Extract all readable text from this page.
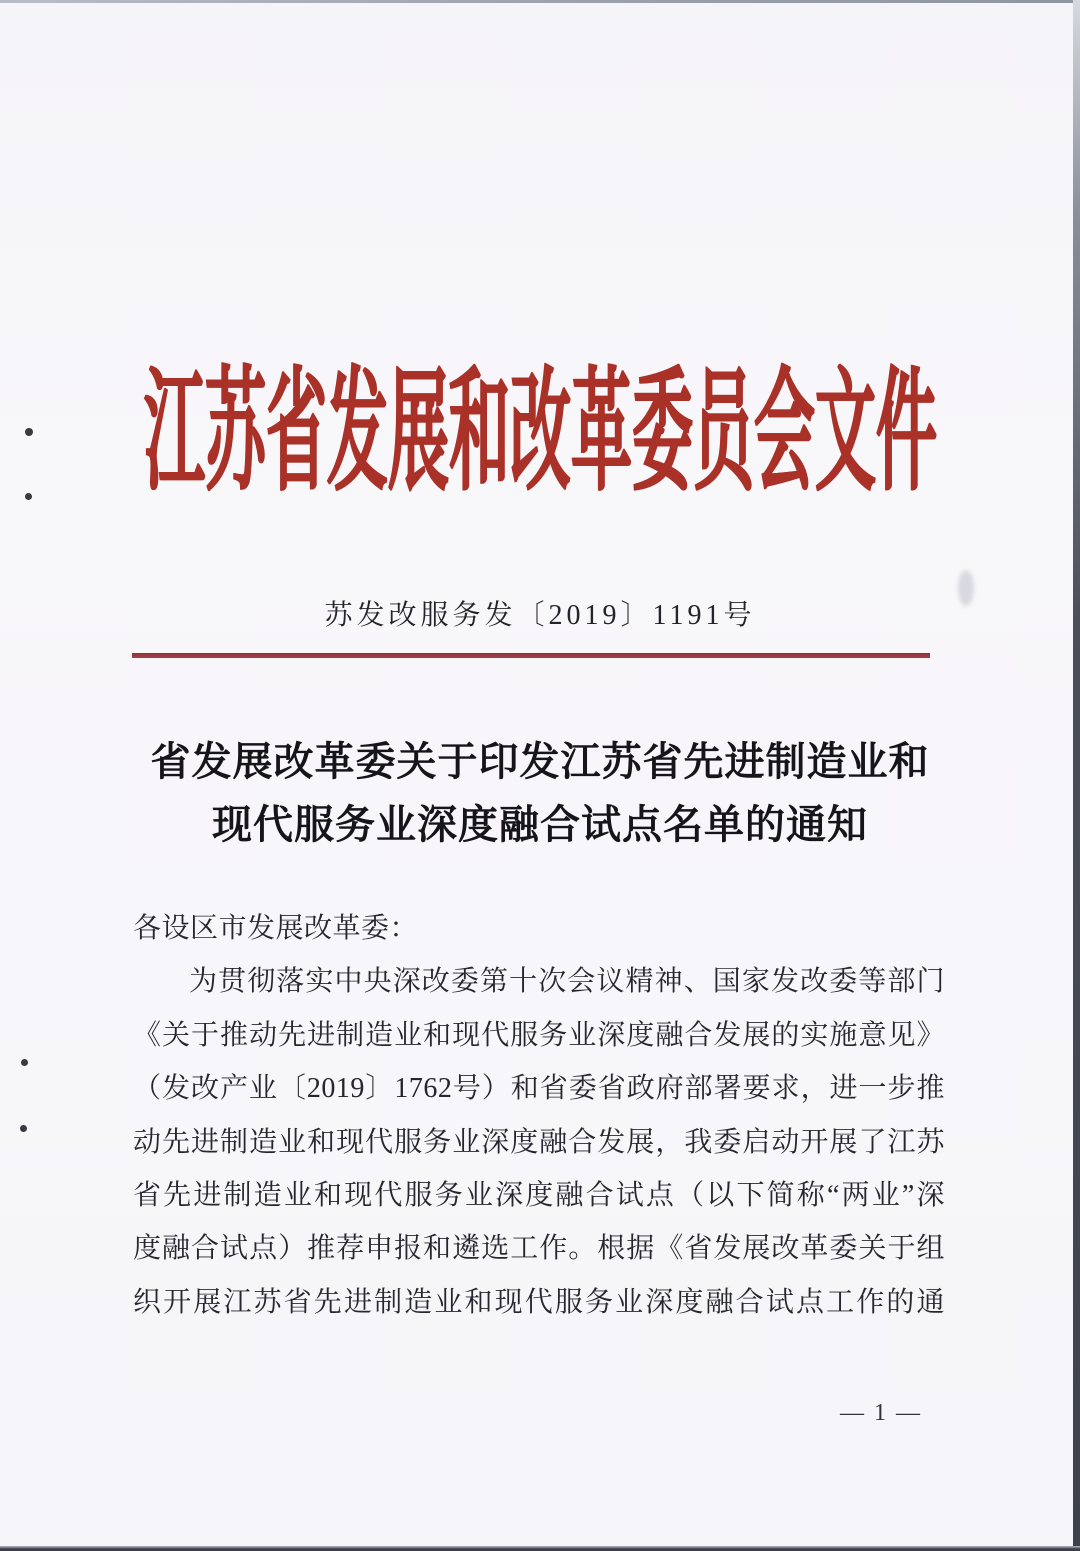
江苏省发展和改革委员会文件
苏发改服务发〔2019〕1191号
省发展改革委关于印发江苏省先进制造业和
现代服务业深度融合试点名单的通知
各设区市发展改革委：
为贯彻落实中央深改委第十次会议精神、国家发改委等部门
《关于推动先进制造业和现代服务业深度融合发展的实施意见》
（发改产业〔2019〕1762号）和省委省政府部署要求，进一步推
动先进制造业和现代服务业深度融合发展，我委启动开展了江苏
省先进制造业和现代服务业深度融合试点（以下简称“两业”深
度融合试点）推荐申报和遴选工作。根据《省发展改革委关于组
织开展江苏省先进制造业和现代服务业深度融合试点工作的通
— 1 —
